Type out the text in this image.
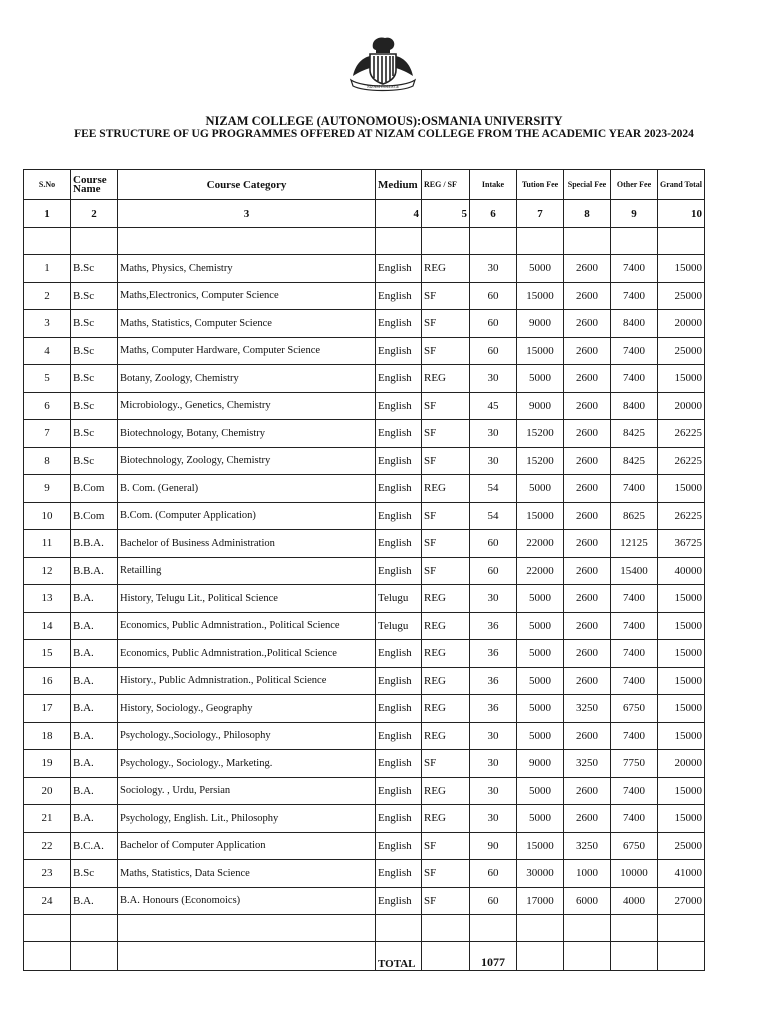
NIZAM COLLEGE
NIZAM COLLEGE (AUTONOMOUS):OSMANIA UNIVERSITY
FEE STRUCTURE OF UG PROGRAMMES OFFERED AT NIZAM COLLEGE FROM THE ACADEMIC YEAR 2023-2024
S.No	Course Name	Course Category	Medium	REG / SF	Intake	Tution Fee	Special Fee	Other Fee	Grand Total
1	2	3	4	5	6	7	8	9	10

1	B.Sc	Maths, Physics, Chemistry	English	REG	30	5000	2600	7400	15000
2	B.Sc	Maths,Electronics, Computer Science	English	SF	60	15000	2600	7400	25000
3	B.Sc	Maths, Statistics, Computer Science	English	SF	60	9000	2600	8400	20000
4	B.Sc	Maths, Computer Hardware, Computer Science	English	SF	60	15000	2600	7400	25000
5	B.Sc	Botany, Zoology, Chemistry	English	REG	30	5000	2600	7400	15000
6	B.Sc	Microbiology., Genetics, Chemistry	English	SF	45	9000	2600	8400	20000
7	B.Sc	Biotechnology, Botany, Chemistry	English	SF	30	15200	2600	8425	26225
8	B.Sc	Biotechnology, Zoology, Chemistry	English	SF	30	15200	2600	8425	26225
9	B.Com	B. Com. (General)	English	REG	54	5000	2600	7400	15000
10	B.Com	B.Com. (Computer Application)	English	SF	54	15000	2600	8625	26225
11	B.B.A.	Bachelor of Business Administration	English	SF	60	22000	2600	12125	36725
12	B.B.A.	Retailling	English	SF	60	22000	2600	15400	40000
13	B.A.	History, Telugu Lit., Political Science	Telugu	REG	30	5000	2600	7400	15000
14	B.A.	Economics, Public Admnistration., Political Science	Telugu	REG	36	5000	2600	7400	15000
15	B.A.	Economics, Public Admnistration.,Political Science	English	REG	36	5000	2600	7400	15000
16	B.A.	History., Public Admnistration., Political Science	English	REG	36	5000	2600	7400	15000
17	B.A.	History, Sociology., Geography	English	REG	36	5000	3250	6750	15000
18	B.A.	Psychology.,Sociology., Philosophy	English	REG	30	5000	2600	7400	15000
19	B.A.	Psychology., Sociology., Marketing.	English	SF	30	9000	3250	7750	20000
20	B.A.	Sociology. , Urdu, Persian	English	REG	30	5000	2600	7400	15000
21	B.A.	Psychology, English. Lit., Philosophy	English	REG	30	5000	2600	7400	15000
22	B.C.A.	Bachelor of Computer Application	English	SF	90	15000	3250	6750	25000
23	B.Sc	Maths, Statistics, Data Science	English	SF	60	30000	1000	10000	41000
24	B.A.	B.A. Honours (Economoics)	English	SF	60	17000	6000	4000	27000

			TOTAL		1077				
